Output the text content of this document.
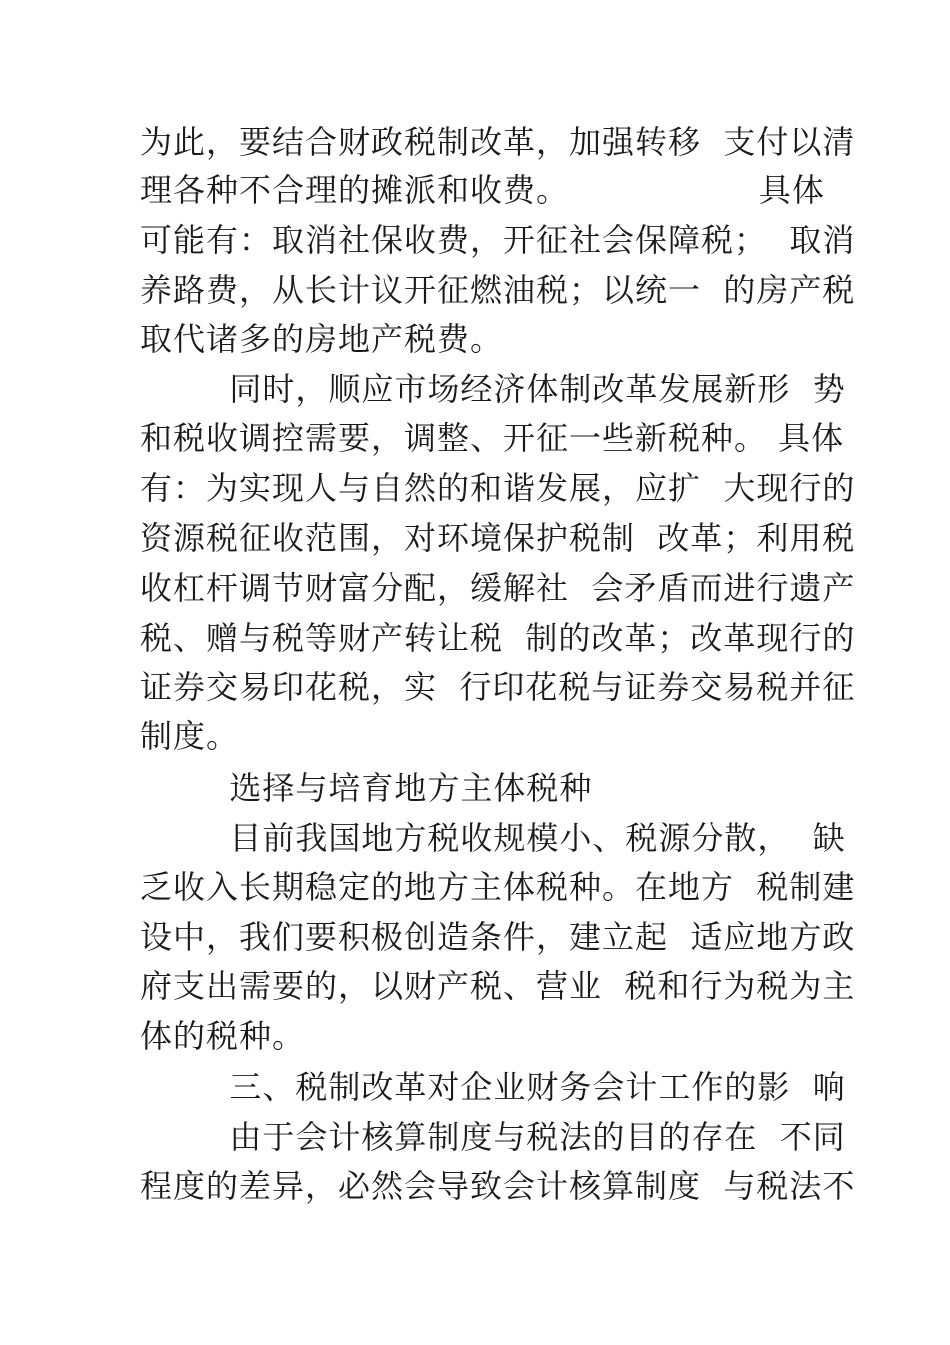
为此，要结合财政税制改革，加强转移  支付以清
理各种不合理的摊派和收费。                 具体
可能有：取消社保收费，开征社会保障税；  取消
养路费，从长计议开征燃油税；以统一  的房产税
取代诸多的房地产税费。
同时，顺应市场经济体制改革发展新形  势
和税收调控需要，调整、开征一些新税种。 具体
有：为实现人与自然的和谐发展，应扩  大现行的
资源税征收范围，对环境保护税制  改革；利用税
收杠杆调节财富分配，缓解社  会矛盾而进行遗产
税、赠与税等财产转让税  制的改革；改革现行的
证券交易印花税，实  行印花税与证券交易税并征
制度。
选择与培育地方主体税种
目前我国地方税收规模小、税源分散，  缺
乏收入长期稳定的地方主体税种。在地方  税制建
设中，我们要积极创造条件，建立起  适应地方政
府支出需要的，以财产税、营业  税和行为税为主
体的税种。
三、税制改革对企业财务会计工作的影  响
由于会计核算制度与税法的目的存在  不同
程度的差异，必然会导致会计核算制度  与税法不
